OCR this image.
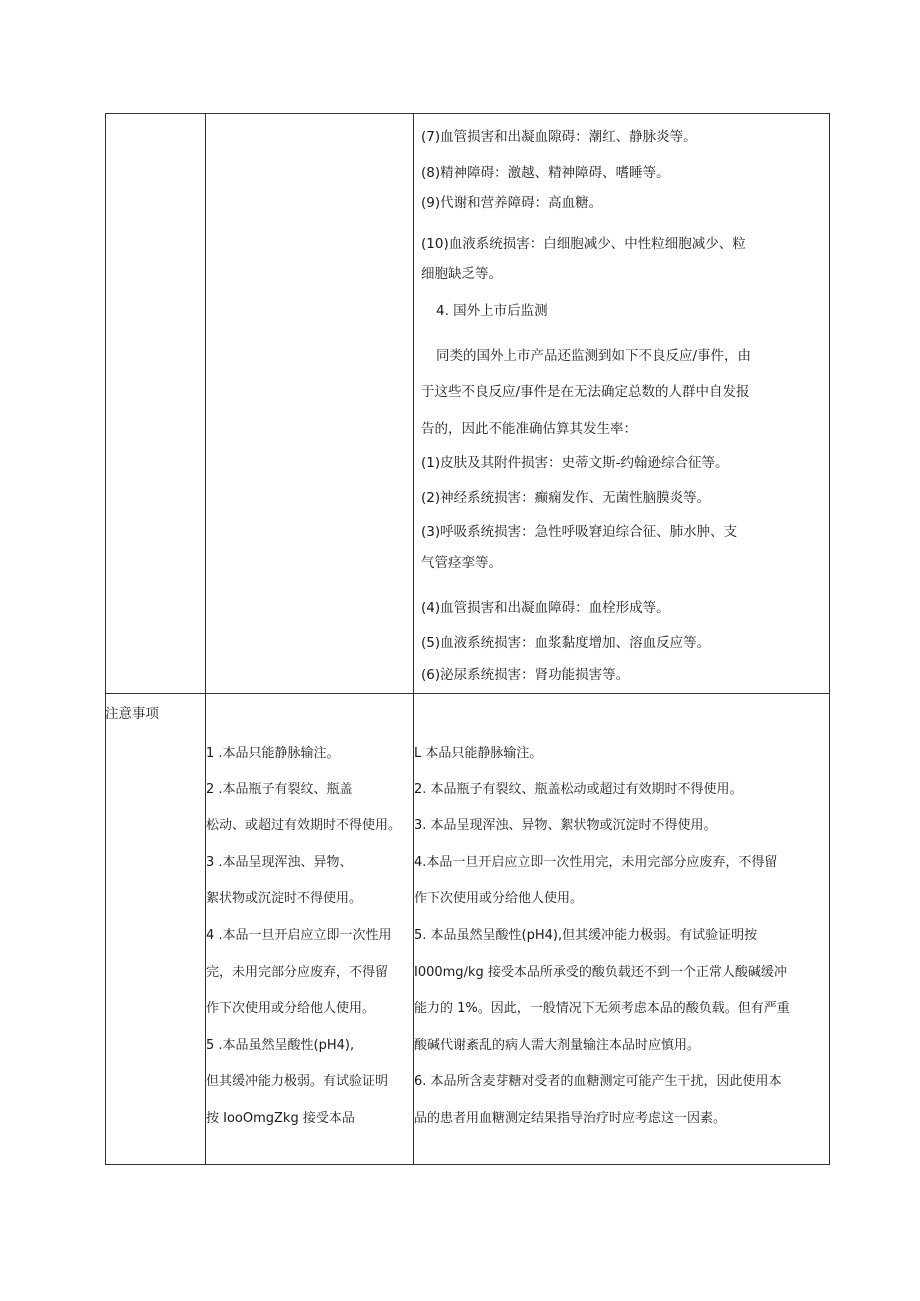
(7)血管损害和出凝血隙碍：潮红、静脉炎等。
(8)精神障碍：激越、精神障碍、嗜睡等。
(9)代谢和营养障碍：高血糖。
(10)血液系统损害：白细胞减少、中性粒细胞减少、粒
细胞缺乏等。
4. 国外上市后监测
同类的国外上市产品还监测到如下不良反应/事件，由
于这些不良反应/事件是在无法确定总数的人群中自发报
告的，因此不能准确估算其发生率：
(1)皮肤及其附件损害：史蒂文斯-约翰逊综合征等。
(2)神经系统损害：癫痫发作、无菌性脑膜炎等。
(3)呼吸系统损害：急性呼吸窘迫综合征、肺水肿、支
气管痉挛等。
(4)血管损害和出凝血障碍：血栓形成等。
(5)血液系统损害：血浆黏度增加、溶血反应等。
(6)泌尿系统损害：肾功能损害等。
注意事项
1 .本品只能静脉输注。
2 .本品瓶子有裂纹、瓶盖
松动、或超过有效期时不得使用。
3 .本品呈现浑浊、异物、
絮状物或沉淀时不得使用。
4 .本品一旦开启应立即一次性用
完，未用完部分应废弃，不得留
作下次使用或分给他人使用。
5 .本品虽然呈酸性(pH4),
但其缓冲能力极弱。有试验证明
按 IooOmgZkg 接受本品
L 本品只能静脉输注。
2. 本品瓶子有裂纹、瓶盖松动或超过有效期时不得使用。
3. 本品呈现浑浊、异物、絮状物或沉淀时不得使用。
4.本品一旦开启应立即一次性用完，未用完部分应废弃，不得留
作下次使用或分给他人使用。
5. 本品虽然呈酸性(pH4),但其缓冲能力极弱。有试验证明按
I000mg∕kg 接受本品所承受的酸负载还不到一个正常人酸碱缓冲
能力的 1%。因此，一般情况下无须考虑本品的酸负载。但有严重
酸碱代谢紊乱的病人需大剂量输注本品时应慎用。
6. 本品所含麦芽糖对受者的血糖测定可能产生干扰，因此使用本
品的患者用血糖测定结果指导治疗时应考虑这一因素。
